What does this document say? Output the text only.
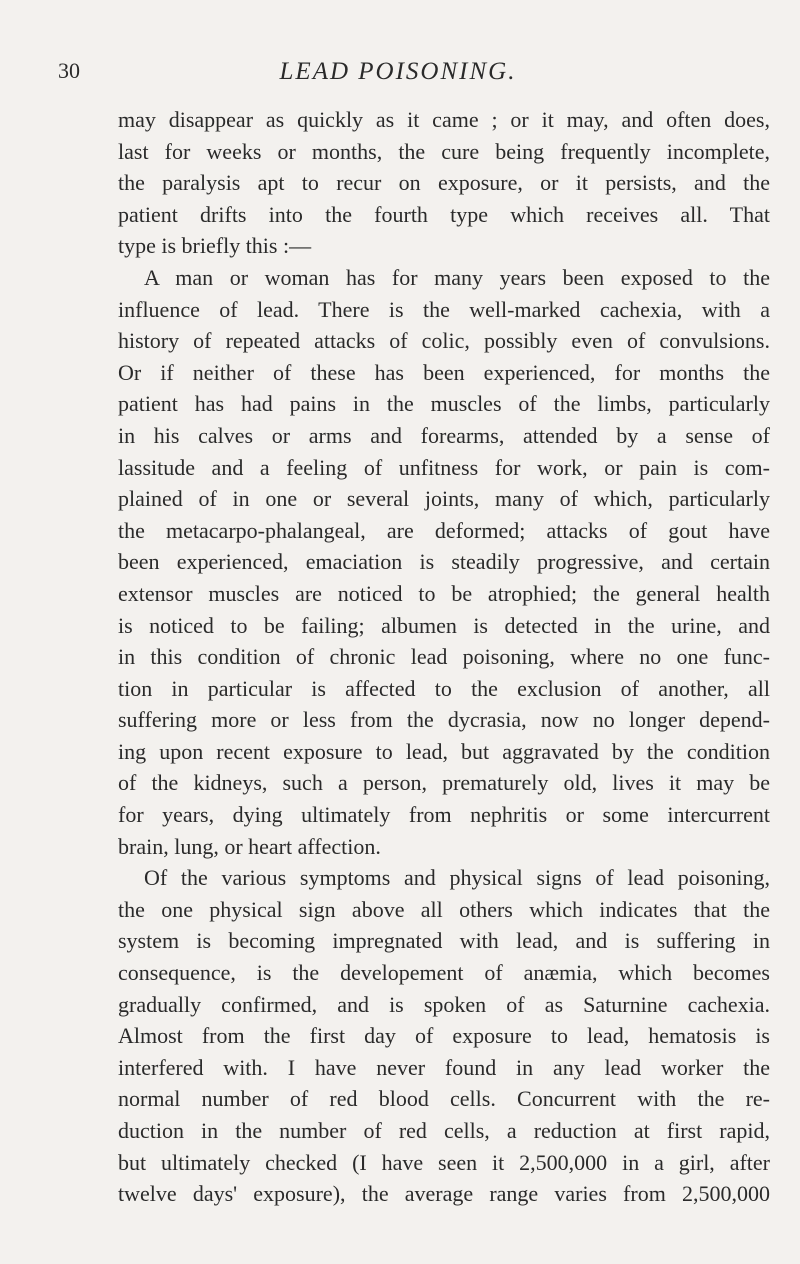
30	LEAD POISONING.

may disappear as quickly as it came ; or it may, and often does,
last for weeks or months, the cure being frequently incomplete,
the paralysis apt to recur on exposure, or it persists, and the
patient drifts into the fourth type which receives all. That
type is briefly this :—

A man or woman has for many years been exposed to the
influence of lead. There is the well-marked cachexia, with a
history of repeated attacks of colic, possibly even of convulsions.
Or if neither of these has been experienced, for months the
patient has had pains in the muscles of the limbs, particularly
in his calves or arms and forearms, attended by a sense of
lassitude and a feeling of unfitness for work, or pain is com-
plained of in one or several joints, many of which, particularly
the metacarpo-phalangeal, are deformed; attacks of gout have
been experienced, emaciation is steadily progressive, and certain
extensor muscles are noticed to be atrophied; the general health
is noticed to be failing; albumen is detected in the urine, and
in this condition of chronic lead poisoning, where no one func-
tion in particular is affected to the exclusion of another, all
suffering more or less from the dycrasia, now no longer depend-
ing upon recent exposure to lead, but aggravated by the condition
of the kidneys, such a person, prematurely old, lives it may be
for years, dying ultimately from nephritis or some intercurrent
brain, lung, or heart affection.

Of the various symptoms and physical signs of lead poisoning,
the one physical sign above all others which indicates that the
system is becoming impregnated with lead, and is suffering in
consequence, is the developement of anæmia, which becomes
gradually confirmed, and is spoken of as Saturnine cachexia.
Almost from the first day of exposure to lead, hematosis is
interfered with. I have never found in any lead worker the
normal number of red blood cells. Concurrent with the re-
duction in the number of red cells, a reduction at first rapid,
but ultimately checked (I have seen it 2,500,000 in a girl, after
twelve days' exposure), the average range varies from 2,500,000
